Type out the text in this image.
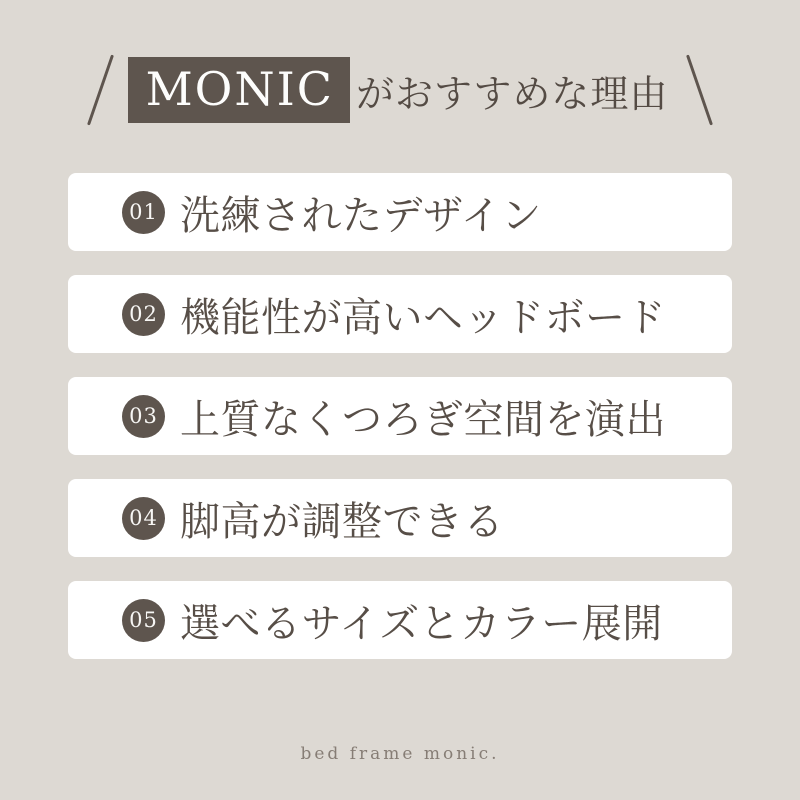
MONIC がおすすめな理由
01 洗練されたデザイン
02 機能性が高いヘッドボード
03 上質なくつろぎ空間を演出
04 脚高が調整できる
05 選べるサイズとカラー展開
bed frame monic.
